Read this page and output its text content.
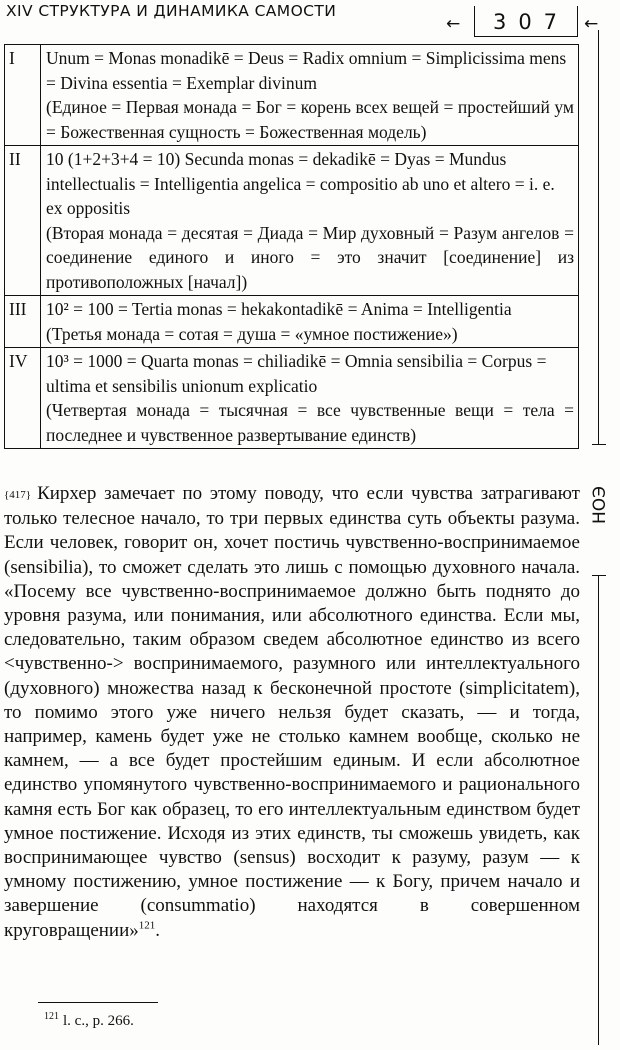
XIV СТРУКТУРА И ДИНАМИКА САМОСТИ
←	307 ←
НОЭ
I	Unum = Monas monadikē = Deus = Radix omnium = Simplicissima mens = Divina essentia = Exemplar divinum
(Единое = Первая монада = Бог = корень всех вещей = простейший ум = Божественная сущность = Божественная модель)

II	10 (1+2+3+4 = 10) Secunda monas = dekadikē = Dyas = Mundus intellectualis = Intelligentia angelica = compositio ab uno et altero = i. e. ex oppositis
(Вторая монада = десятая = Диада = Мир духовный = Разум ангелов = соединение единого и иного = это значит [соединение] из противоположных [начал])

III	10² = 100 = Tertia monas = hekakontadikē = Anima = Intelligentia
(Третья монада = сотая = душа = «умное постижение»)

IV	10³ = 1000 = Quarta monas = chiliadikē = Omnia sensibilia = Corpus = ultima et sensibilis unionum explicatio
(Четвертая монада = тысячная = все чувственные вещи = тела = последнее и чувственное развертывание единств)

{417} Кирхер замечает по этому поводу, что если чувства затрагивают только телесное начало, то три первых единства суть объекты разума. Если человек, говорит он, хочет постичь чувственно-воспринимаемое (sensibilia), то сможет сделать это лишь с помощью духовного начала. «Посему все чувственно-воспринимаемое должно быть поднято до уровня разума, или понимания, или абсолютного единства. Если мы, следовательно, таким образом сведем абсолютное единство из всего <чувственно-> воспринимаемого, разумного или интеллектуального (духовного) множества назад к бесконечной простоте (simplicitatem), то помимо этого уже ничего нельзя будет сказать, — и тогда, например, камень будет уже не столько камнем вообще, сколько не камнем, — а все будет простейшим единым. И если абсолютное единство упомянутого чувственно-воспринимаемого и рационального камня есть Бог как образец, то его интеллектуальным единством будет умное постижение. Исходя из этих единств, ты сможешь увидеть, как воспринимающее чувство (sensus) восходит к разуму, разум — к умному постижению, умное постижение — к Богу, причем начало и завершение (consummatio) находятся в совершенном круговращении»$^{121}$.

$^{121}$ l. c., p. 266.
